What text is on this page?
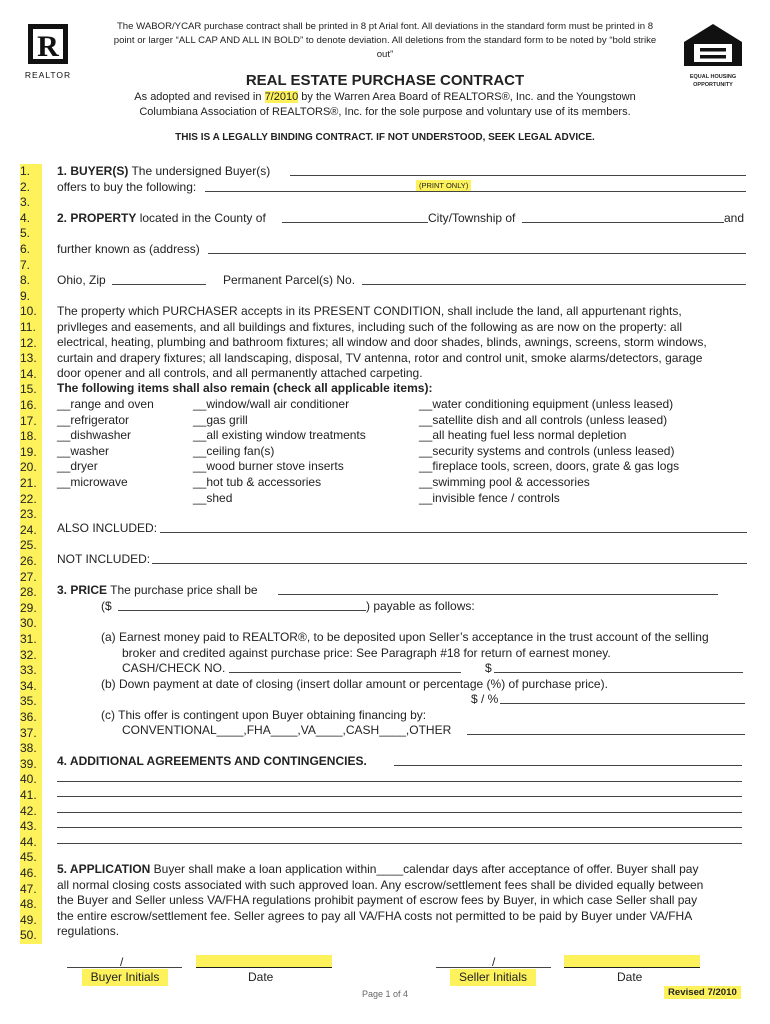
R
REALTOR
The WABOR/YCAR purchase contract shall be printed in 8 pt Arial font. All deviations in the standard form must be printed in 8 point or larger “ALL CAP AND ALL IN BOLD” to denote deviation. All deletions from the standard form to be noted by “bold strike out”
EQUAL HOUSING OPPORTUNITY
REAL ESTATE PURCHASE CONTRACT
As adopted and revised in 7/2010 by the Warren Area Board of REALTORS®, Inc. and the Youngstown Columbiana Association of REALTORS®, Inc. for the sole purpose and voluntary use of its members.
THIS IS A LEGALLY BINDING CONTRACT. IF NOT UNDERSTOOD, SEEK LEGAL ADVICE.
1.
2.
3.
4.
5.
6.
7.
8.
9.
10.
11.
12.
13.
14.
15.
16.
17.
18.
19.
20.
21.
22.
23.
24.
25.
26.
27.
28.
29.
30.
31.
32.
33.
34.
35.
36.
37.
38.
39.
40.
41.
42.
43.
44.
45.
46.
47.
48.
49.
50.
1. BUYER(S) The undersigned Buyer(s)
offers to buy the following:	(PRINT ONLY)
2. PROPERTY located in the County of	City/Township of	and
further known as (address)
Ohio, Zip	Permanent Parcel(s) No.
The property which PURCHASER accepts in its PRESENT CONDITION, shall include the land, all appurtenant rights,
privlleges and easements, and all buildings and fixtures, including such of the following as are now on the property: all
electrical, heating, plumbing and bathroom fixtures; all window and door shades, blinds, awnings, screens, storm windows,
curtain and drapery fixtures; all landscaping, disposal, TV antenna, rotor and control unit, smoke alarms/detectors, garage
door opener and all controls, and all permanently attached carpeting.
The following items shall also remain (check all applicable items):
__range and oven
__refrigerator
__dishwasher
__washer
__dryer
__microwave
__window/wall air conditioner
__gas grill
__all existing window treatments
__ceiling fan(s)
__wood burner stove inserts
__hot tub & accessories
__shed
__water conditioning equipment (unless leased)
__satellite dish and all controls (unless leased)
__all heating fuel less normal depletion
__security systems and controls (unless leased)
__fireplace tools, screen, doors, grate & gas logs
__swimming pool & accessories
__invisible fence / controls
ALSO INCLUDED:
NOT INCLUDED:
3. PRICE The purchase price shall be
($	) payable as follows:
(a) Earnest money paid to REALTOR®, to be deposited upon Seller’s acceptance in the trust account of the selling
broker and credited against purchase price: See Paragraph #18 for return of earnest money.
CASH/CHECK NO.	$
(b) Down payment at date of closing (insert dollar amount or percentage (%) of purchase price).
$ / %
(c) This offer is contingent upon Buyer obtaining financing by:
CONVENTIONAL____,FHA____,VA____,CASH____,OTHER
4. ADDITIONAL AGREEMENTS AND CONTINGENCIES.
5. APPLICATION Buyer shall make a loan application within____calendar days after acceptance of offer. Buyer shall pay
all normal closing costs associated with such approved loan. Any escrow/settlement fees shall be divided equally between
the Buyer and Seller unless VA/FHA regulations prohibit payment of escrow fees by Buyer, in which case Seller shall pay
the entire escrow/settlement fee. Seller agrees to pay all VA/FHA costs not permitted to be paid by Buyer under VA/FHA
regulations.
/
Buyer Initials	Date
/
Seller Initials	Date
Page 1 of 4	Revised 7/2010
